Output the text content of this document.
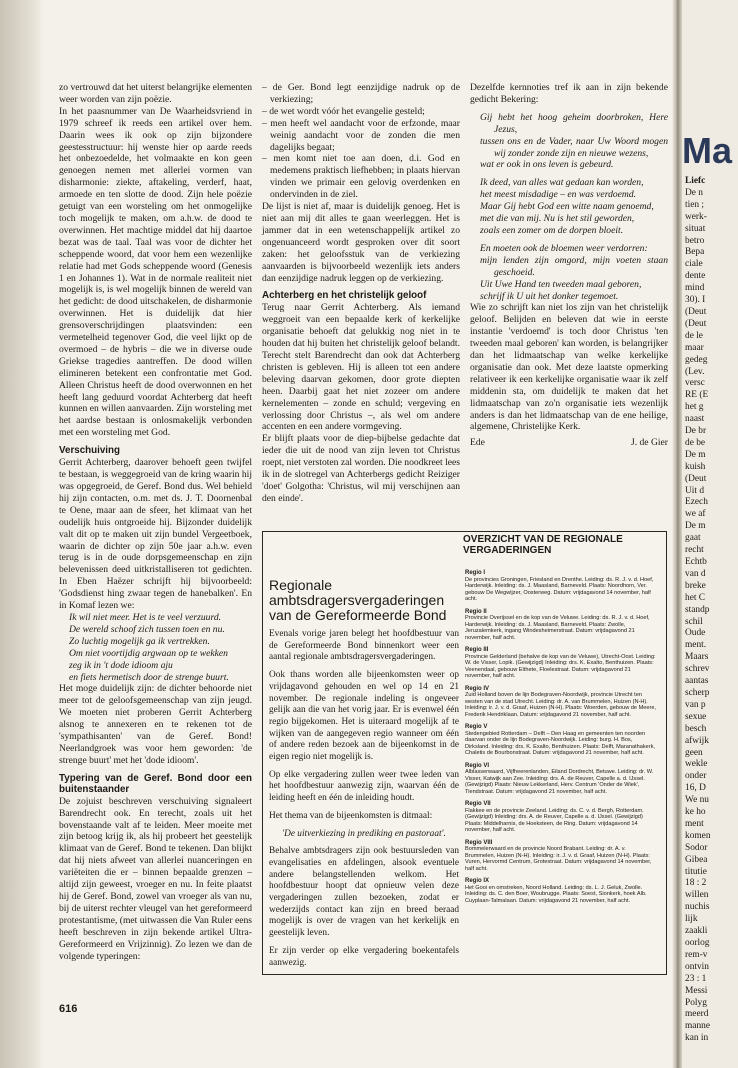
zo vertrouwd dat het uiterst belangrijke elementen weer worden van zijn poëzie.

In het paasnummer van De Waarheidsvriend in 1979 schreef ik reeds een artikel over hem. Daarin wees ik ook op zijn bijzondere geestesstructuur: hij wenste hier op aarde reeds het onbezoedelde, het volmaakte en kon geen genoegen nemen met allerlei vormen van disharmonie: ziekte, aftakeling, verderf, haat, armoede en ten slotte de dood. Zijn hele poëzie getuigt van een worsteling om het onmogelijke toch mogelijk te maken, om a.h.w. de dood te overwinnen. Het machtige middel dat hij daartoe bezat was de taal. Taal was voor de dichter het scheppende woord, dat voor hem een wezenlijke relatie had met Gods scheppende woord (Genesis 1 en Johannes 1). Wat in de normale realiteit niet mogelijk is, is wel mogelijk binnen de wereld van het gedicht: de dood uitschakelen, de disharmonie overwinnen. Het is duidelijk dat hier grensoverschrijdingen plaatsvinden: een vermetelheid tegenover God, die veel lijkt op de overmoed – de hybris – die we in diverse oude Griekse tragedies aantreffen. De dood willen elimineren betekent een confrontatie met God. Alleen Christus heeft de dood overwonnen en het heeft lang geduurd voordat Achterberg dat heeft kunnen en willen aanvaarden. Zijn worsteling met het aardse bestaan is onlosmakelijk verbonden met een worsteling met God.

Verschuiving

Gerrit Achterberg, daarover behoeft geen twijfel te bestaan, is weggegroeid van de kring waarin hij was opgegroeid, de Geref. Bond dus. Wel behield hij zijn contacten, o.m. met ds. J. T. Doornenbal te Oene, maar aan de sfeer, het klimaat van het oudelijk huis ontgroeide hij. Bijzonder duidelijk valt dit op te maken uit zijn bundel Vergeetboek, waarin de dichter op zijn 50e jaar a.h.w. even terug is in de oude dorpsgemeenschap en zijn belevenissen deed uitkristalliseren tot gedichten. In Eben Haëzer schrijft hij bijvoorbeeld: 'Godsdienst hing zwaar tegen de hanebalken'. En in Komaf lezen we:

Ik wil niet meer. Het is te veel verzuurd.
De wereld schoof zich tussen toen en nu.
Zo luchtig mogelijk ga ik vertrekken.
Om niet voortijdig argwaan op te wekken
zeg ik in 't dode idioom aju
en fiets hermetisch door de strenge buurt.

Het moge duidelijk zijn: de dichter behoorde niet meer tot de geloofsgemeenschap van zijn jeugd. We moeten niet proberen Gerrit Achterberg alsnog te annexeren en te rekenen tot de 'sympathisanten' van de Geref. Bond! Neerlandgroek was voor hem geworden: 'de strenge buurt' met het 'dode idioom'.

Typering van de Geref. Bond door een buitenstaander

De zojuist beschreven verschuiving signaleert Barendrecht ook. En terecht, zoals uit het bovenstaande valt af te leiden. Meer moeite met zijn betoog krijg ik, als hij probeert het geestelijk klimaat van de Geref. Bond te tekenen. Dan blijkt dat hij niets afweet van allerlei nuanceringen en variëteiten die er – binnen bepaalde grenzen – altijd zijn geweest, vroeger en nu. In feite plaatst hij de Geref. Bond, zowel van vroeger als van nu, bij de uiterst rechter vleugel van het gereformeerd protestantisme, (met uitwassen die Van Ruler eens heeft beschreven in zijn bekende artikel Ultra-Gereformeerd en Vrijzinnig). Zo lezen we dan de volgende typeringen:

– de Ger. Bond legt eenzijdige nadruk op de verkiezing;
– de wet wordt vóór het evangelie gesteld;
– men heeft wel aandacht voor de erfzonde, maar weinig aandacht voor de zonden die men dagelijks begaat;
– men komt niet toe aan doen, d.i. God en medemens praktisch liefhebben; in plaats hiervan vinden we primair een gelovig overdenken en ondervinden in de ziel.

De lijst is niet af, maar is duidelijk genoeg. Het is niet aan mij dit alles te gaan weerleggen. Het is jammer dat in een wetenschappelijk artikel zo ongenuanceerd wordt gesproken over dit soort zaken: het geloofsstuk van de verkiezing aanvaarden is bijvoorbeeld wezenlijk iets anders dan eenzijdige nadruk leggen op de verkiezing.

Achterberg en het christelijk geloof

Terug naar Gerrit Achterberg. Als iemand weggroeit van een bepaalde kerk of kerkelijke organisatie behoeft dat gelukkig nog niet in te houden dat hij buiten het christelijk geloof belandt. Terecht stelt Barendrecht dan ook dat Achterberg christen is gebleven. Hij is alleen tot een andere beleving daarvan gekomen, door grote diepten heen. Daarbij gaat het niet zozeer om andere kernelementen – zonde en schuld; vergeving en verlossing door Christus –, als wel om andere accenten en een andere vormgeving.

Er blijft plaats voor de diep-bijbelse gedachte dat ieder die uit de nood van zijn leven tot Christus roept, niet verstoten zal worden. Die noodkreet lees ik in de slotregel van Achterbergs gedicht Reiziger 'doet' Golgotha: 'Christus, wil mij verschijnen aan den einde'.

Dezelfde kernnoties tref ik aan in zijn bekende gedicht Bekering:

Gij hebt het hoog geheim doorbroken, Here Jezus,
tussen ons en de Vader, naar Uw Woord mogen wij zonder zonde zijn en nieuwe wezens,
wat er ook in ons leven is gebeurd.
Ik deed, van alles wat gedaan kan worden,
het meest misdadige – en was verdoemd.
Maar Gij hebt God een witte naam genoemd,
met die van mij. Nu is het stil geworden,
zoals een zomer om de dorpen bloeit.
En moeten ook de bloemen weer verdorren:
mijn lenden zijn omgord, mijn voeten staan geschoeid.
Uit Uwe Hand ten tweeden maal geboren,
schrijf ik U uit het donker tegemoet.

Wie zo schrijft kan niet los zijn van het christelijk geloof. Belijden en beleven dat wie in eerste instantie 'verdoemd' is toch door Christus 'ten tweeden maal geboren' kan worden, is belangrijker dan het lidmaatschap van welke kerkelijke organisatie dan ook. Met deze laatste opmerking relativeer ik een kerkelijke organisatie waar ik zelf middenin sta, om duidelijk te maken dat het lidmaatschap van zo'n organisatie iets wezenlijk anders is dan het lidmaatschap van de ene heilige, algemene, Christelijke Kerk.

Ede	J. de Gier
OVERZICHT VAN DE REGIONALE VERGADERINGEN
Regionale ambtsdragersvergaderingen van de Gereformeerde Bond

Evenals vorige jaren belegt het hoofdbestuur van de Gereformeerde Bond binnenkort weer een aantal regionale ambtsdragersvergaderingen.

Ook thans worden alle bijeenkomsten weer op vrijdagavond gehouden en wel op 14 en 21 november. De regionale indeling is ongeveer gelijk aan die van het vorig jaar. Er is evenwel één regio bijgekomen. Het is uiteraard mogelijk af te wijken van de aangegeven regio wanneer om één of andere reden bezoek aan de bijeenkomst in de eigen regio niet mogelijk is.

Op elke vergadering zullen weer twee leden van het hoofdbestuur aanwezig zijn, waarvan één de leiding heeft en één de inleiding houdt.

Het thema van de bijeenkomsten is ditmaal:

'De uitverkiezing in prediking en pastoraat'.

Behalve ambtsdragers zijn ook bestuursleden van evangelisaties en afdelingen, alsook eventuele andere belangstellenden welkom. Het hoofdbestuur hoopt dat opnieuw velen deze vergaderingen zullen bezoeken, zodat er wederzijds contact kan zijn en breed beraad mogelijk is over de vragen van het kerkelijk en geestelijk leven.

Er zijn verder op elke vergadering boekentafels aanwezig.

Regio I
De provincies Groningen, Friesland en Drenthe. Leiding: ds. R. J. v. d. Hoef, Harderwijk. Inleiding: ds. J. Maasland, Barneveld. Plaats: Noordhorn, Ver. gebouw De Wegwijzer, Oosterweg. Datum: vrijdagavond 14 november, half acht.
Regio II
Provincie Overijssel en de kop van de Veluwe. Leiding: ds. R. J. v. d. Hoef, Harderwijk. Inleiding: ds. J. Maasland, Barneveld. Plaats: Zwolle, Jeruzalemkerk, ingang Windesheimerstraat. Datum: vrijdagavond 21 november, half acht.
Regio III
Provincie Gelderland (behalve de kop van de Veluwe), Utrecht-Oost. Leiding: W. de Visser, Lopik. (Gewijzigd) Inleiding: drs. K. Exalto, Benthuizen. Plaats: Veenendaal, gebouw Elthete, Floelestraat. Datum: vrijdagavond 21 november, half acht.
Regio IV
Zuid Holland boven de lijn Bodegraven-Noordwijk, provincie Utrecht ten westen van de stad Utrecht. Leiding: dr. A. van Brummelen, Huizen (N-H). Inleiding: ir. J. v. d. Graaf, Huizen (N-H). Plaats: Woerden, gebouw de Meere, Frederik Hendriklaan. Datum: vrijdagavond 21 november, half acht.
Regio V
Stedengebied Rotterdam – Delft – Den Haag en gemeenten ten noorden daarvan onder de lijn Bodegraven-Noordwijk. Leiding: burg. H. Bos, Dirksland. Inleiding: drs. K. Exalto, Benthuizen. Plaats: Delft, Maranathakerk, Chaletis de Bourbonstraat. Datum: vrijdagavond 21 november, half acht.
Regio VI
Alblasserwaard, Vijfheerenlanden, Eiland Dordrecht, Betuwe. Leiding: dr. W. Visser, Katwijk aan Zee. Inleiding: drs. A. de Reuver, Capelle a. d. IJssel. (Gewijzigd) Plaats: Nieuw Lekkerland, Herv. Centrum 'Onder de Wiek', Tiendstraat. Datum: vrijdagavond 21 november, half acht.
Regio VII
Flakkee en de provincie Zeeland. Leiding: ds. C. v. d. Bergh, Rotterdam. (Gewijzigd) Inleiding: drs. A. de Reuver, Capelle a. d. IJssel. (Gewijzigd) Plaats: Middelharnis, de Hoeksteen, de Ring. Datum: vrijdagavond 14 november, half acht.
Regio VIII
Bommelerwaard en de provincie Noord Brabant. Leiding: dr. A. v. Brummelen, Huizen (N-H). Inleiding: ir. J. v. d. Graaf, Huizen (N-H). Plaats: Vuren, Hervormd Centrum, Grotestraat. Datum: vrijdagavond 14 november, half acht.
Regio IX
Het Gooi en omstreken, Noord Holland. Leiding: ds. L. J. Geluk, Zwolle. Inleiding: ds. C. den Boer, Woubrugge. Plaats: Soest, Sionkerk, hoek Alb. Cuyplaan-Talmalaan. Datum: vrijdagavond 21 november, half acht.
616
Ma
Liefc
De n
tien ;
werk-
situat
betro
Bepa
ciale
dente
mind
30). I
(Deut
(Deut
de le
maar
gedeg
(Lev.
versc
RE (E
het g
naast
De br
de be
De m
kuish
(Deut
Uit d
Ezech
we af
De m
gaat
recht
Echtb
van d
breke
het C
standp
schil
Oude
ment.
Maars
schrev
aantas
scherp
van p
sexue
besch
afwijk
geen
wekle
onder
16, D
We nu
ke ho
ment
komen
Sodor
Gibea
titutie
18 : 2
willen
nuchis
lijk
zaakli
oorlog
rem-v
ontvin
23 : 1
Messi
Polyg
meerd
manne
kan in
